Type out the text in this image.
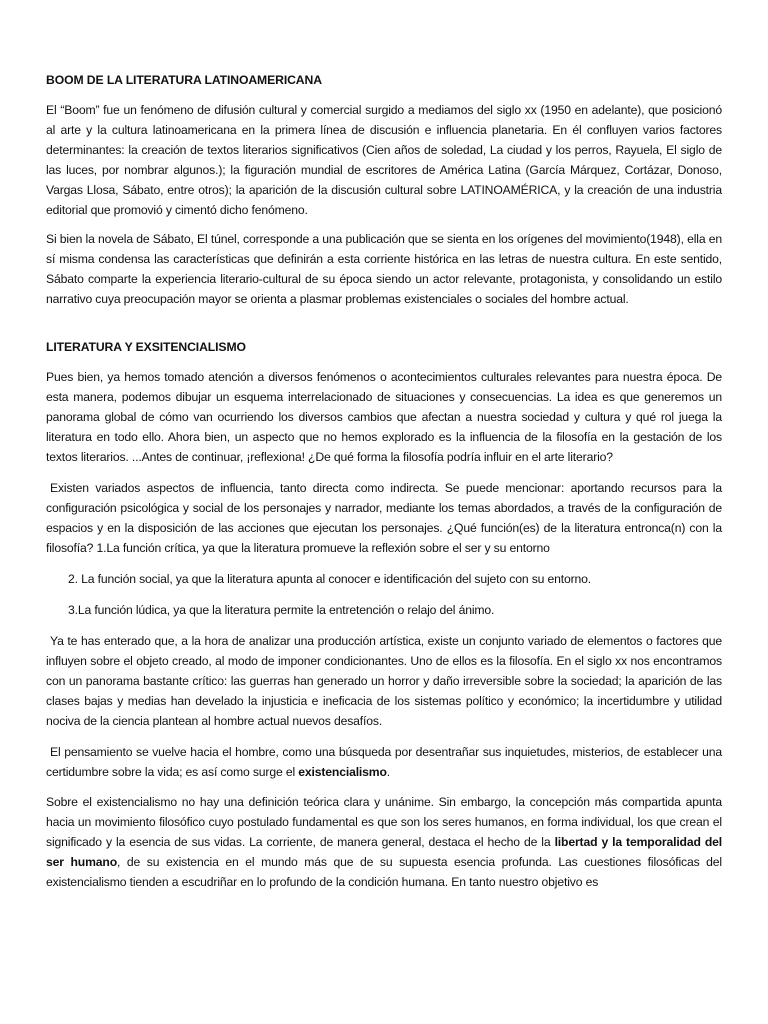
BOOM DE LA LITERATURA LATINOAMERICANA

El “Boom” fue un fenómeno de difusión cultural y comercial surgido a mediamos del siglo xx (1950 en adelante), que posicionó al arte y la cultura latinoamericana en la primera línea de discusión e influencia planetaria. En él confluyen varios factores determinantes: la creación de textos literarios significativos (Cien años de soledad, La ciudad y los perros, Rayuela, El siglo de las luces, por nombrar algunos.); la figuración mundial de escritores de América Latina (García Márquez, Cortázar, Donoso, Vargas Llosa, Sábato, entre otros); la aparición de la discusión cultural sobre LATINOAMÉRICA, y la creación de una industria editorial que promovió y cimentó dicho fenómeno.

Si bien la novela de Sábato, El túnel, corresponde a una publicación que se sienta en los orígenes del movimiento(1948), ella en sí misma condensa las características que definirán a esta corriente histórica en las letras de nuestra cultura. En este sentido, Sábato comparte la experiencia literario-cultural de su época siendo un actor relevante, protagonista, y consolidando un estilo narrativo cuya preocupación mayor se orienta a plasmar problemas existenciales o sociales del hombre actual.

LITERATURA Y EXSITENCIALISMO

Pues bien, ya hemos tomado atención a diversos fenómenos o acontecimientos culturales relevantes para nuestra época. De esta manera, podemos dibujar un esquema interrelacionado de situaciones y consecuencias. La idea es que generemos un panorama global de cómo van ocurriendo los diversos cambios que afectan a nuestra sociedad y cultura y qué rol juega la literatura en todo ello. Ahora bien, un aspecto que no hemos explorado es la influencia de la filosofía en la gestación de los textos literarios. ...Antes de continuar, ¡reflexiona! ¿De qué forma la filosofía podría influir en el arte literario?

Existen variados aspectos de influencia, tanto directa como indirecta. Se puede mencionar: aportando recursos para la configuración psicológica y social de los personajes y narrador, mediante los temas abordados, a través de la configuración de espacios y en la disposición de las acciones que ejecutan los personajes. ¿Qué función(es) de la literatura entronca(n) con la filosofía? 1.La función crítica, ya que la literatura promueve la reflexión sobre el ser y su entorno

2. La función social, ya que la literatura apunta al conocer e identificación del sujeto con su entorno.

3.La función lúdica, ya que la literatura permite la entretención o relajo del ánimo.

Ya te has enterado que, a la hora de analizar una producción artística, existe un conjunto variado de elementos o factores que influyen sobre el objeto creado, al modo de imponer condicionantes. Uno de ellos es la filosofía. En el siglo xx nos encontramos con un panorama bastante crítico: las guerras han generado un horror y daño irreversible sobre la sociedad; la aparición de las clases bajas y medias han develado la injusticia e ineficacia de los sistemas político y económico; la incertidumbre y utilidad nociva de la ciencia plantean al hombre actual nuevos desafíos.

El pensamiento se vuelve hacia el hombre, como una búsqueda por desentrañar sus inquietudes, misterios, de establecer una certidumbre sobre la vida; es así como surge el existencialismo.

Sobre el existencialismo no hay una definición teórica clara y unánime. Sin embargo, la concepción más compartida apunta hacia un movimiento filosófico cuyo postulado fundamental es que son los seres humanos, en forma individual, los que crean el significado y la esencia de sus vidas. La corriente, de manera general, destaca el hecho de la libertad y la temporalidad del ser humano, de su existencia en el mundo más que de su supuesta esencia profunda. Las cuestiones filosóficas del existencialismo tienden a escudriñar en lo profundo de la condición humana. En tanto nuestro objetivo es
